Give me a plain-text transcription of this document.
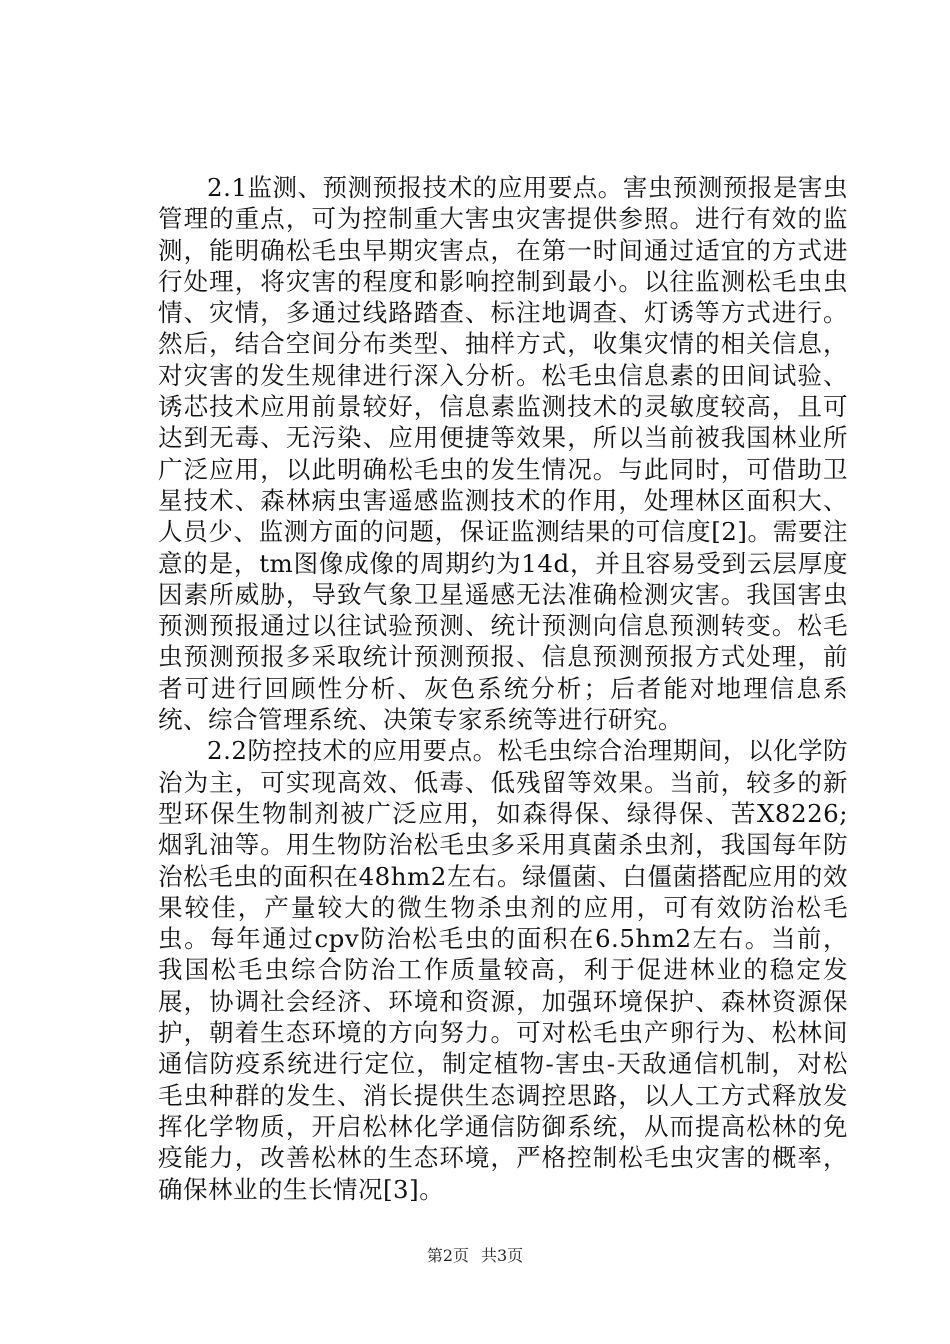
2.1监测、预测预报技术的应用要点。害虫预测预报是害虫管理的重点，可为控制重大害虫灾害提供参照。进行有效的监测，能明确松毛虫早期灾害点，在第一时间通过适宜的方式进行处理，将灾害的程度和影响控制到最小。以往监测松毛虫虫情、灾情，多通过线路踏查、标注地调查、灯诱等方式进行。然后，结合空间分布类型、抽样方式，收集灾情的相关信息，对灾害的发生规律进行深入分析。松毛虫信息素的田间试验、诱芯技术应用前景较好，信息素监测技术的灵敏度较高，且可达到无毒、无污染、应用便捷等效果，所以当前被我国林业所广泛应用，以此明确松毛虫的发生情况。与此同时，可借助卫星技术、森林病虫害遥感监测技术的作用，处理林区面积大、人员少、监测方面的问题，保证监测结果的可信度[2]。需要注意的是，tm图像成像的周期约为14d，并且容易受到云层厚度因素所威胁，导致气象卫星遥感无法准确检测灾害。我国害虫预测预报通过以往试验预测、统计预测向信息预测转变。松毛虫预测预报多采取统计预测预报、信息预测预报方式处理，前者可进行回顾性分析、灰色系统分析；后者能对地理信息系统、综合管理系统、决策专家系统等进行研究。

2.2防控技术的应用要点。松毛虫综合治理期间，以化学防治为主，可实现高效、低毒、低残留等效果。当前，较多的新型环保生物制剂被广泛应用，如森得保、绿得保、苦X8226;烟乳油等。用生物防治松毛虫多采用真菌杀虫剂，我国每年防治松毛虫的面积在48hm2左右。绿僵菌、白僵菌搭配应用的效果较佳，产量较大的微生物杀虫剂的应用，可有效防治松毛虫。每年通过cpv防治松毛虫的面积在6.5hm2左右。当前，我国松毛虫综合防治工作质量较高，利于促进林业的稳定发展，协调社会经济、环境和资源，加强环境保护、森林资源保护，朝着生态环境的方向努力。可对松毛虫产卵行为、松林间通信防疫系统进行定位，制定植物-害虫-天敌通信机制，对松毛虫种群的发生、消长提供生态调控思路，以人工方式释放发挥化学物质，开启松林化学通信防御系统，从而提高松林的免疫能力，改善松林的生态环境，严格控制松毛虫灾害的概率，确保林业的生长情况[3]。

第2页 共3页
